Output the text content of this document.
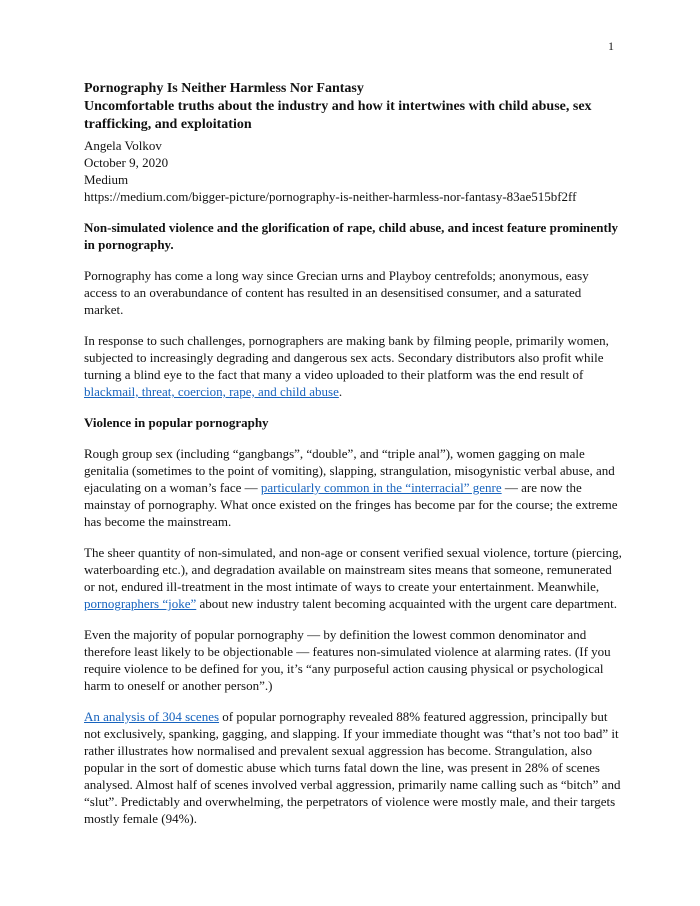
1
Pornography Is Neither Harmless Nor Fantasy
Uncomfortable truths about the industry and how it intertwines with child abuse, sex trafficking, and exploitation
Angela Volkov
October 9, 2020
Medium
https://medium.com/bigger-picture/pornography-is-neither-harmless-nor-fantasy-83ae515bf2ff
Non-simulated violence and the glorification of rape, child abuse, and incest feature prominently in pornography.
Pornography has come a long way since Grecian urns and Playboy centrefolds; anonymous, easy access to an overabundance of content has resulted in an desensitised consumer, and a saturated market.
In response to such challenges, pornographers are making bank by filming people, primarily women, subjected to increasingly degrading and dangerous sex acts. Secondary distributors also profit while turning a blind eye to the fact that many a video uploaded to their platform was the end result of blackmail, threat, coercion, rape, and child abuse.
Violence in popular pornography
Rough group sex (including “gangbangs”, “double”, and “triple anal”), women gagging on male genitalia (sometimes to the point of vomiting), slapping, strangulation, misogynistic verbal abuse, and ejaculating on a woman’s face — particularly common in the “interracial” genre — are now the mainstay of pornography. What once existed on the fringes has become par for the course; the extreme has become the mainstream.
The sheer quantity of non-simulated, and non-age or consent verified sexual violence, torture (piercing, waterboarding etc.), and degradation available on mainstream sites means that someone, remunerated or not, endured ill-treatment in the most intimate of ways to create your entertainment. Meanwhile, pornographers “joke” about new industry talent becoming acquainted with the urgent care department.
Even the majority of popular pornography — by definition the lowest common denominator and therefore least likely to be objectionable — features non-simulated violence at alarming rates. (If you require violence to be defined for you, it’s “any purposeful action causing physical or psychological harm to oneself or another person”.)
An analysis of 304 scenes of popular pornography revealed 88% featured aggression, principally but not exclusively, spanking, gagging, and slapping. If your immediate thought was “that’s not too bad” it rather illustrates how normalised and prevalent sexual aggression has become. Strangulation, also popular in the sort of domestic abuse which turns fatal down the line, was present in 28% of scenes analysed. Almost half of scenes involved verbal aggression, primarily name calling such as “bitch” and “slut”. Predictably and overwhelming, the perpetrators of violence were mostly male, and their targets mostly female (94%).
